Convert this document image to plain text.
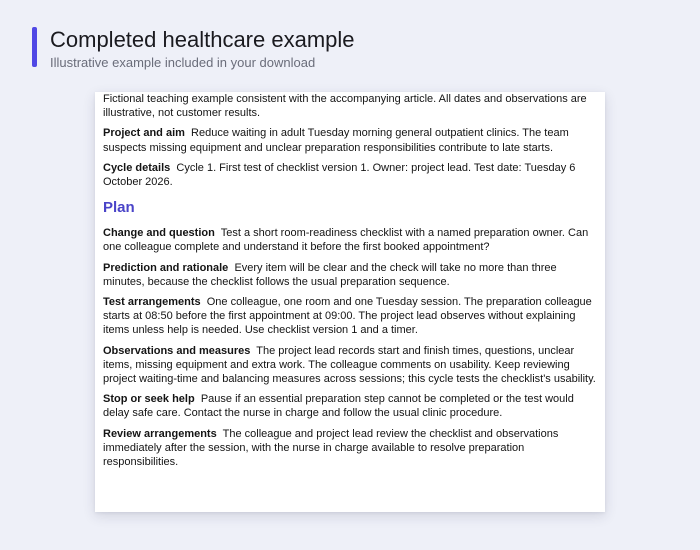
Completed healthcare example

Illustrative example included in your download

Fictional teaching example consistent with the accompanying article. All dates and observations are illustrative, not customer results.

Project and aim Reduce waiting in adult Tuesday morning general outpatient clinics. The team suspects missing equipment and unclear preparation responsibilities contribute to late starts.

Cycle details Cycle 1. First test of checklist version 1. Owner: project lead. Test date: Tuesday 6 October 2026.

Plan

Change and question Test a short room-readiness checklist with a named preparation owner. Can one colleague complete and understand it before the first booked appointment?

Prediction and rationale Every item will be clear and the check will take no more than three minutes, because the checklist follows the usual preparation sequence.

Test arrangements One colleague, one room and one Tuesday session. The preparation colleague starts at 08:50 before the first appointment at 09:00. The project lead observes without explaining items unless help is needed. Use checklist version 1 and a timer.

Observations and measures The project lead records start and finish times, questions, unclear items, missing equipment and extra work. The colleague comments on usability. Keep reviewing project waiting-time and balancing measures across sessions; this cycle tests the checklist's usability.

Stop or seek help Pause if an essential preparation step cannot be completed or the test would delay safe care. Contact the nurse in charge and follow the usual clinic procedure.

Review arrangements The colleague and project lead review the checklist and observations immediately after the session, with the nurse in charge available to resolve preparation responsibilities.
